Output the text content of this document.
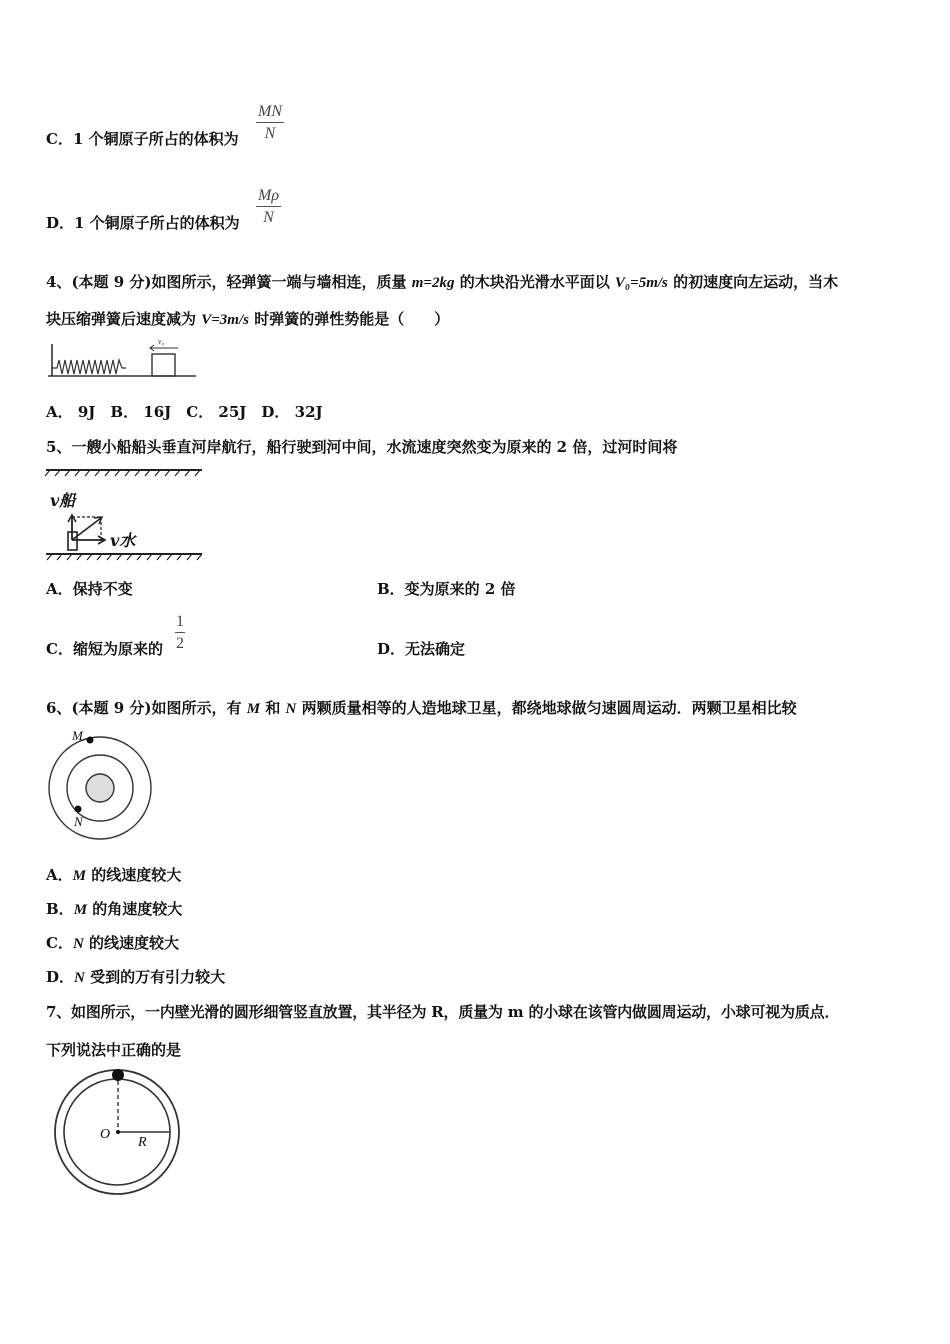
C．1 个铜原子所占的体积为 $\frac{MN}{N}$
D．1 个铜原子所占的体积为 $\frac{M\rho}{N}$
4、(本题 9 分)如图所示，轻弹簧一端与墙相连，质量 m=2kg 的木块沿光滑水平面以 V₀=5m/s 的初速度向左运动，当木
块压缩弹簧后速度减为 V=3m/s 时弹簧的弹性势能是（　　）
v₀
A． 9J　B． 16J　C． 25J　D． 32J
5、一艘小船船头垂直河岸航行，船行驶到河中间，水流速度突然变为原来的 2 倍，过河时间将
v船
v水
A．保持不变	B．变为原来的 2 倍
C．缩短为原来的 $\frac{1}{2}$	D．无法确定
6、(本题 9 分)如图所示，有 M 和 N 两颗质量相等的人造地球卫星，都绕地球做匀速圆周运动．两颗卫星相比较
M
N
A．M 的线速度较大
B．M 的角速度较大
C．N 的线速度较大
D．N 受到的万有引力较大
7、如图所示，一内壁光滑的圆形细管竖直放置，其半径为 R，质量为 m 的小球在该管内做圆周运动，小球可视为质点．
下列说法中正确的是
O
R
